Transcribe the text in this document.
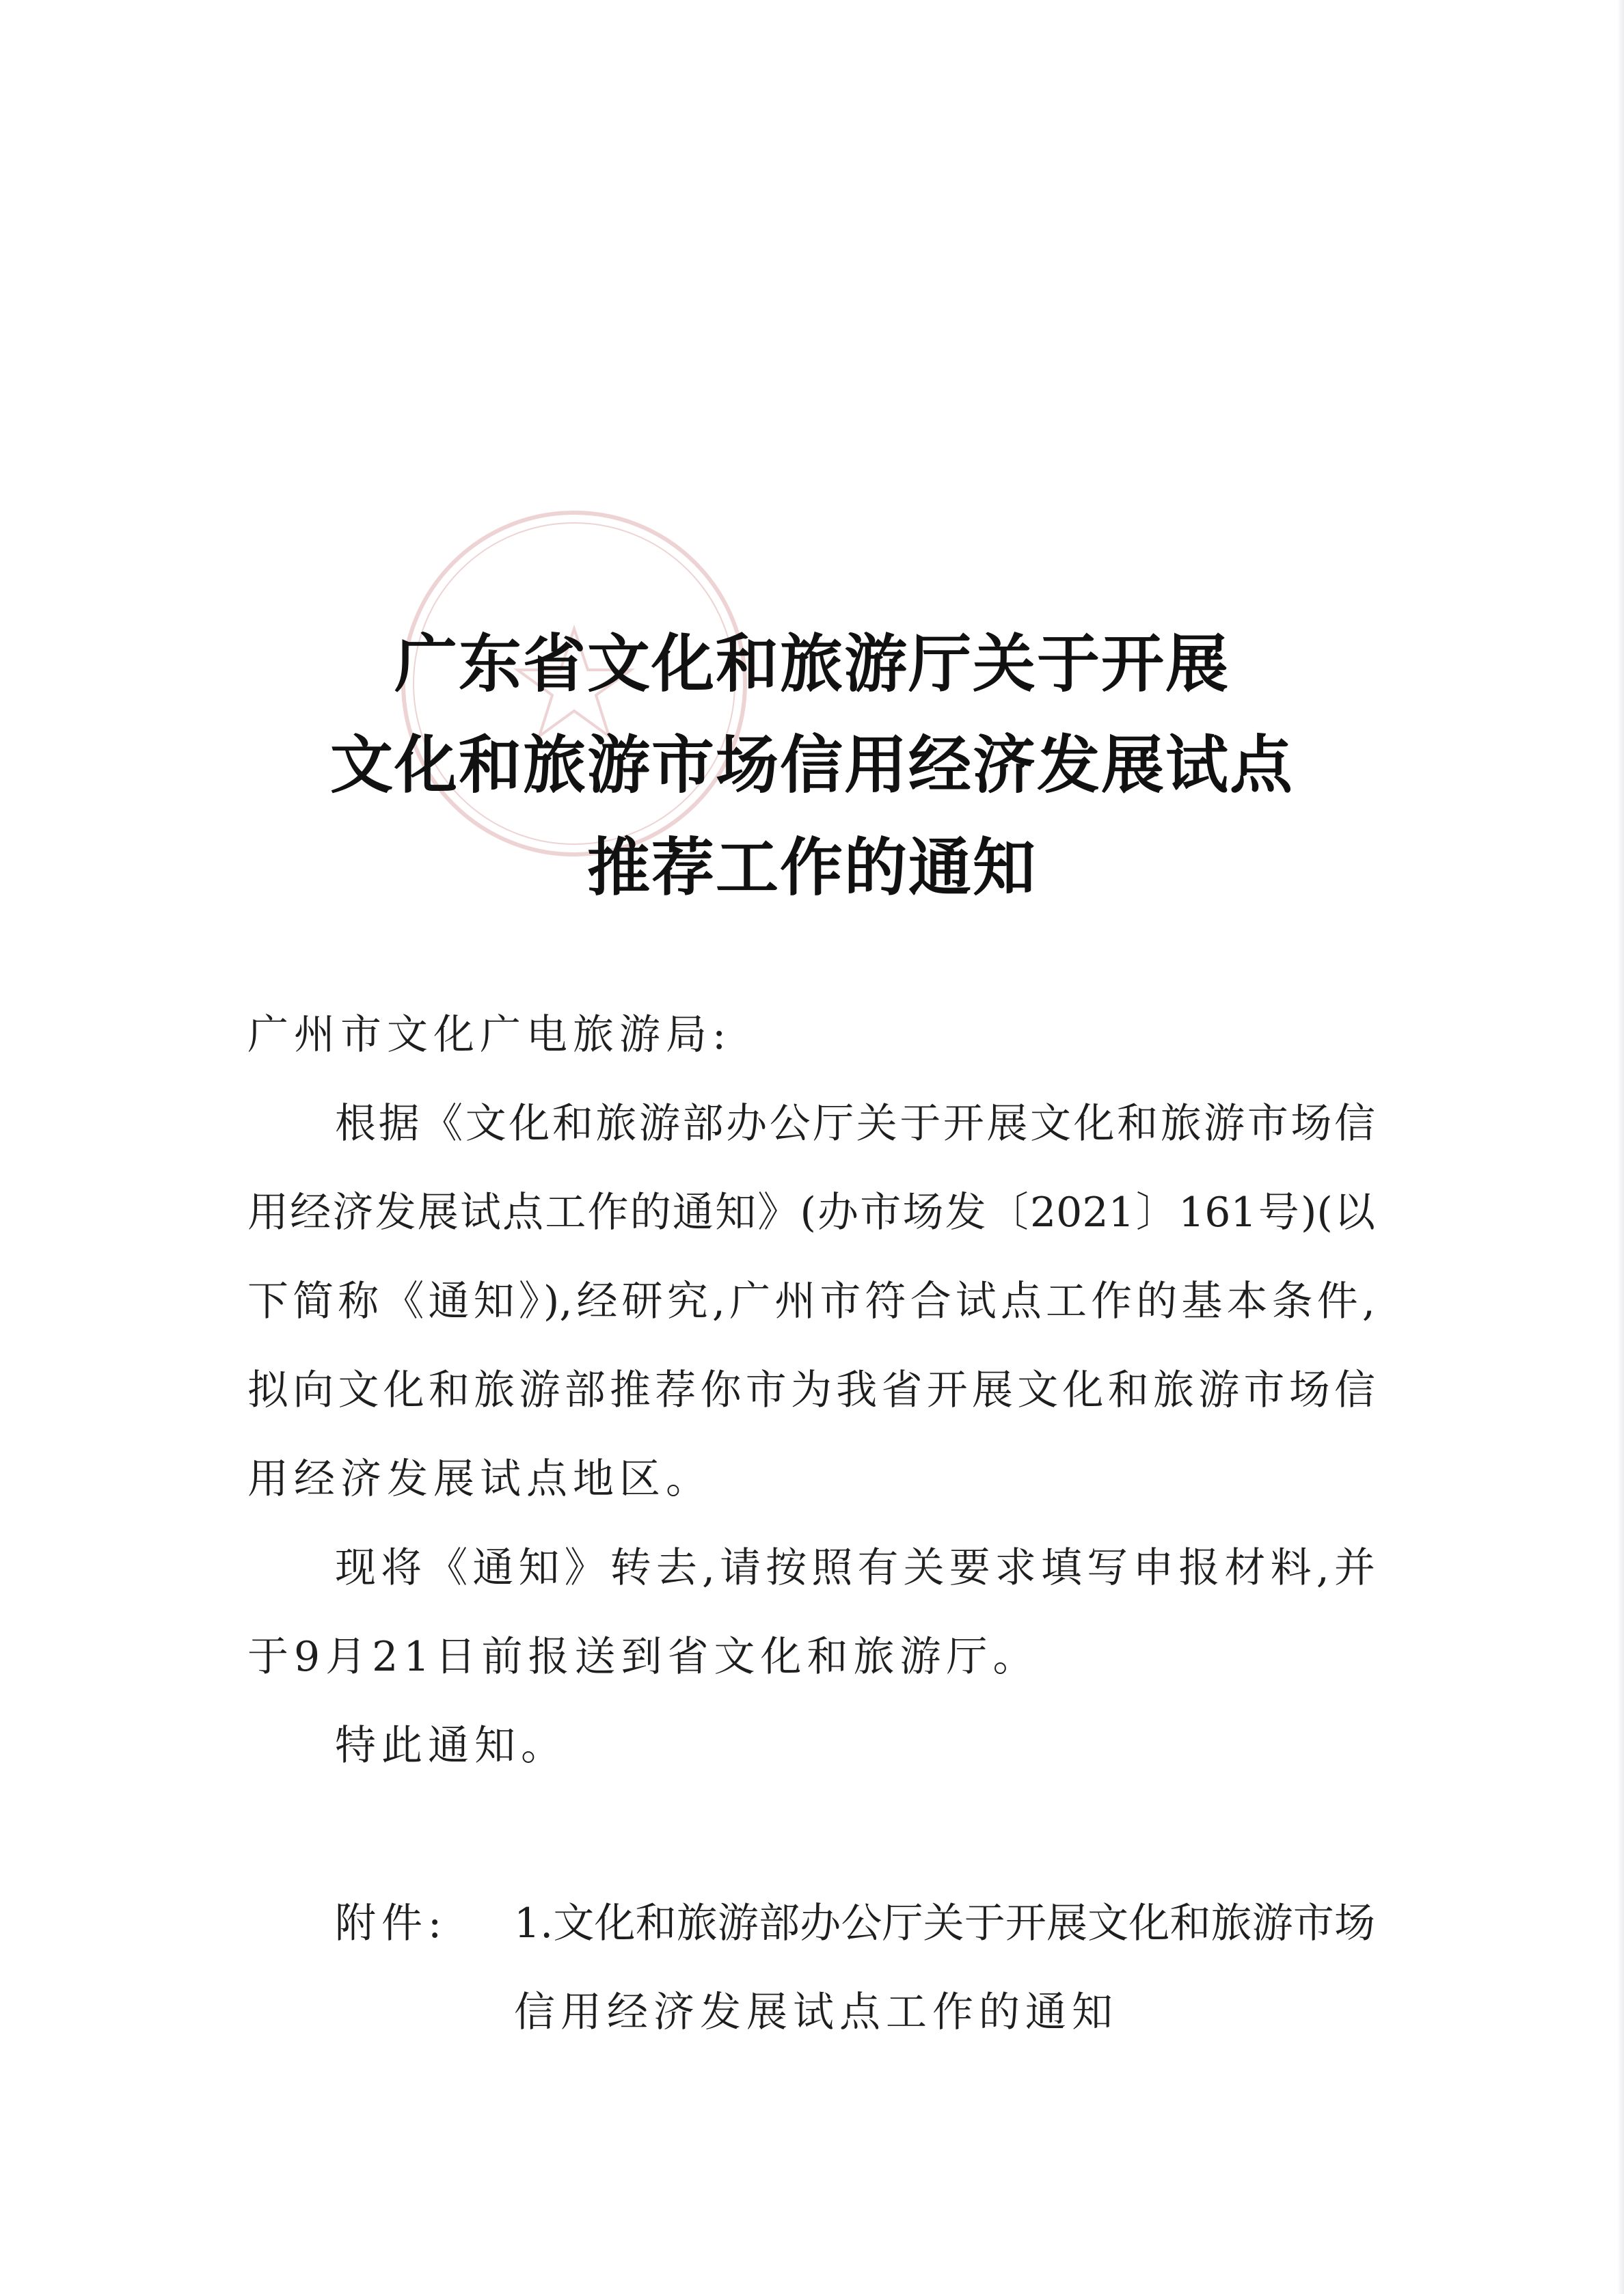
广东省文化和旅游厅关于开展
文化和旅游市场信用经济发展试点
推荐工作的通知

广州市文化广电旅游局:

根据《文化和旅游部办公厅关于开展文化和旅游市场信

用经济发展试点工作的通知》(办市场发〔2021〕161号)(以

下简称《通知》),经研究,广州市符合试点工作的基本条件,

拟向文化和旅游部推荐你市为我省开展文化和旅游市场信

用经济发展试点地区。

现将《通知》转去,请按照有关要求填写申报材料,并

于9月21日前报送到省文化和旅游厅。

特此通知。

附件: 1.文化和旅游部办公厅关于开展文化和旅游市场

信用经济发展试点工作的通知
